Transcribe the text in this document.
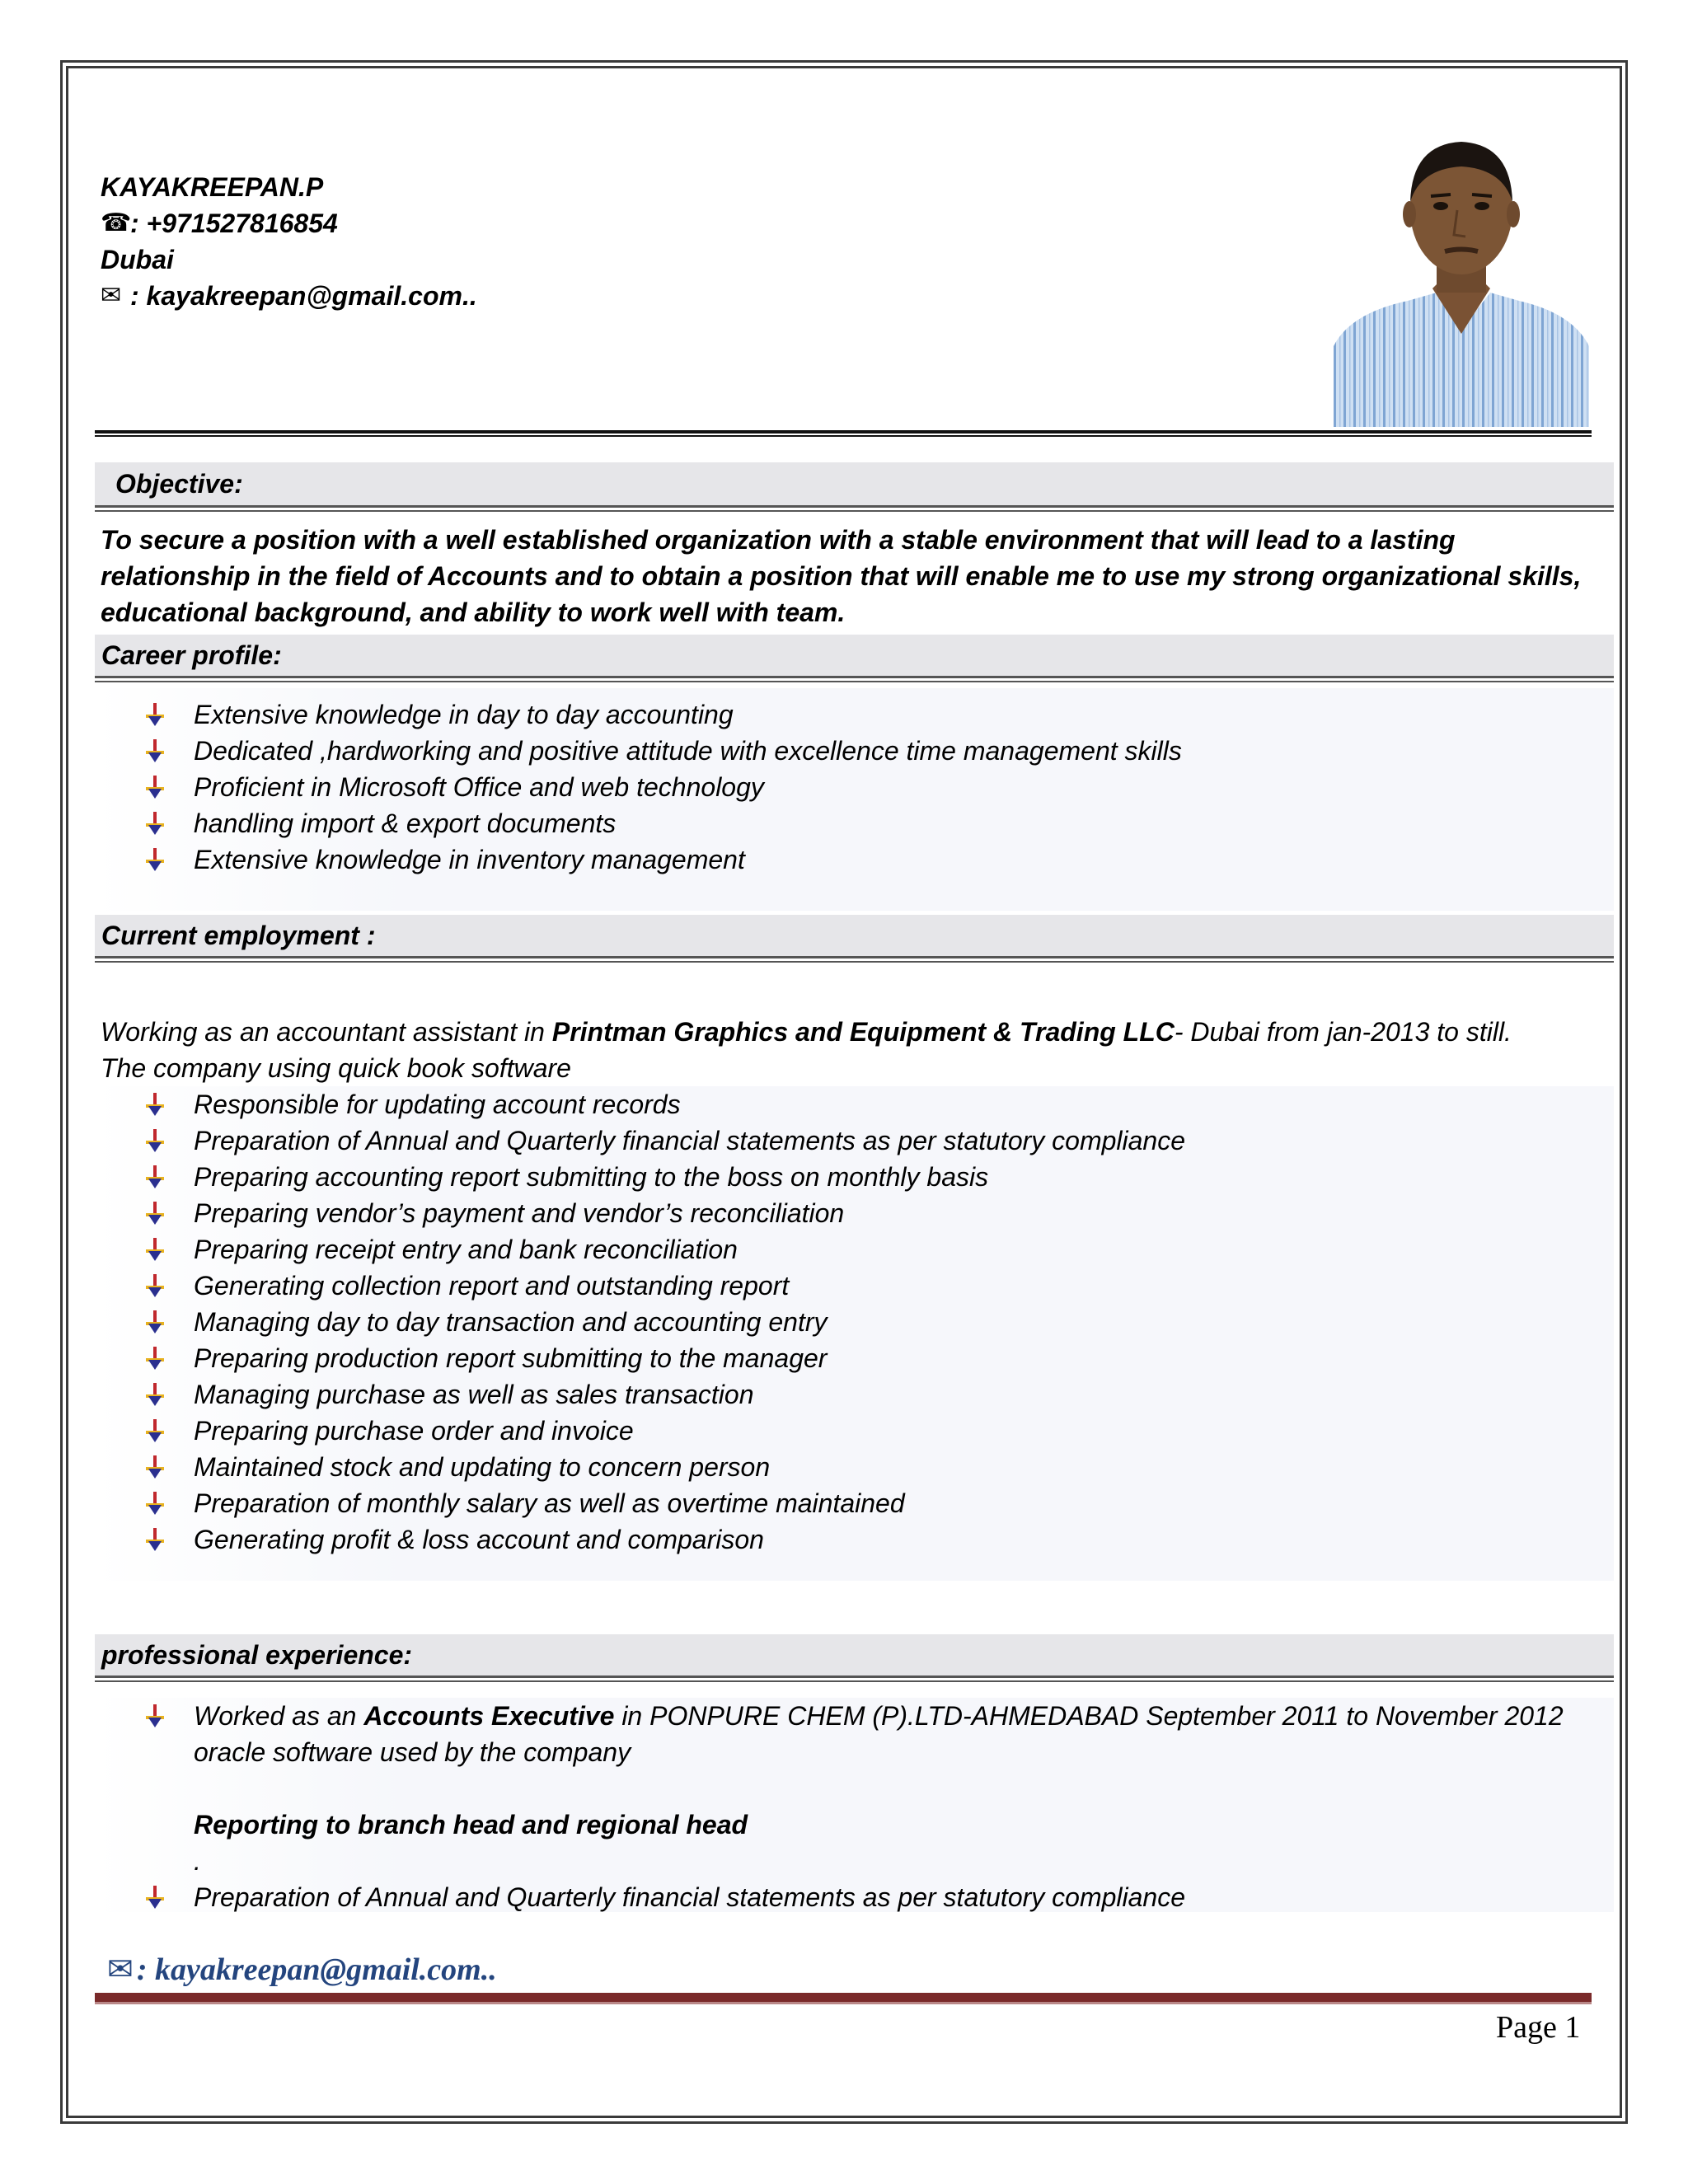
KAYAKREEPAN.P
☎
: +971527816854
Dubai
✉ : kayakreepan@gmail.com..
Objective:
To secure a position with a well established organization with a stable environment that will lead to a lasting relationship in the field of Accounts and to obtain a position that will enable me to use my strong organizational skills, educational background, and ability to work well with team.
Career profile:
Extensive knowledge in day to day accounting
Dedicated ,hardworking and positive attitude with excellence time management skills
Proficient in Microsoft Office and web technology
handling import & export documents
Extensive knowledge in inventory management
Current employment :
Working as an accountant assistant in Printman Graphics and Equipment & Trading LLC- Dubai from jan-2013 to still.
The company using quick book software
Responsible for updating account records
Preparation of Annual and Quarterly financial statements as per statutory compliance
Preparing accounting report submitting to the boss on monthly basis
Preparing vendor’s payment and vendor’s reconciliation
Preparing receipt entry and bank reconciliation
Generating collection report and outstanding report
Managing day to day transaction and accounting entry
Preparing production report submitting to the manager
Managing purchase as well as sales transaction
Preparing purchase order and invoice
Maintained stock and updating to concern person
Preparation of monthly salary as well as overtime maintained
Generating profit & loss account and comparison
professional experience:
Worked as an Accounts Executive in PONPURE CHEM (P).LTD-AHMEDABAD September 2011 to November 2012 oracle software used by the company
Reporting to branch head and regional head
.
Preparation of Annual and Quarterly financial statements as per statutory compliance
✉ : kayakreepan@gmail.com..
Page 1
